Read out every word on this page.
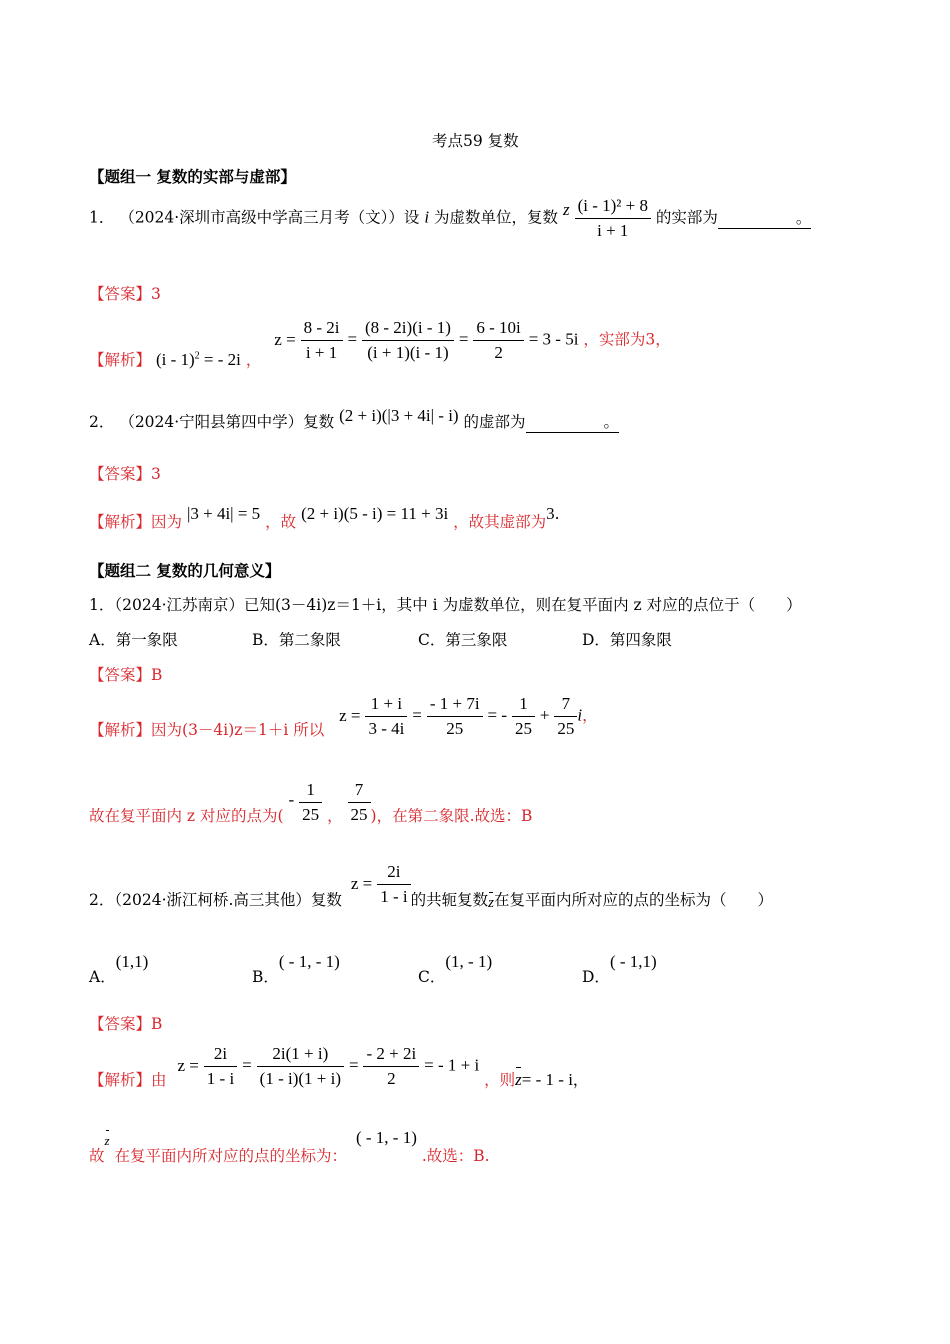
考点59 复数
【题组一 复数的实部与虚部】
1． （2024·深圳市高级中学高三月考（文））设 i 为虚数单位，复数 z $\frac{\text{(i - 1)² + 8}}{i + 1}$ 的实部为	。
【答案】3
【解析】 (i - 1)$^2$ = - 2i ， $z = \frac{8 - 2i}{i + 1} = \frac{(8 - 2i)(i - 1)}{(i + 1)(i - 1)} = \frac{6 - 10i}{2} = 3 - 5i$ ，实部为3，
2． （2024·宁阳县第四中学）复数 (2 + i)(|3 + 4i| - i) 的虚部为	。
【答案】3
【解析】因为 |3 + 4i| = 5 ，故 (2 + i)(5 - i) = 11 + 3i ，故其虚部为3.
【题组二 复数的几何意义】
1．（2024·江苏南京）已知(3－4i)z＝1＋i，其中 i 为虚数单位，则在复平面内 z 对应的点位于（　　）
A．第一象限	B．第二象限	C．第三象限	D．第四象限
【答案】B
【解析】因为(3－4i)z＝1＋i 所以 $z = \frac{1 + i}{3 - 4i} = \frac{- 1 + 7i}{25}$ = - $\frac{1}{25} + \frac{7}{25}$ i，
故在复平面内 z 对应的点为( - $\frac{1}{25}$ ， $\frac{7}{25}$ )，在第二象限.故选：B
2．（2024·浙江柯桥.高三其他）复数 $z = \frac{2i}{1 - i}$ 的共轭复数z在复平面内所对应的点的坐标为（　　）
A．(1,1)
B．( - 1, - 1)
C．(1, - 1)
D．( - 1,1)
【答案】B
【解析】由 $z = \frac{2i}{1 - i} = \frac{2i(1 + i)}{(1 - i)(1 + i)} = \frac{- 2 + 2i}{2}$ = - 1 + i ，则z= - 1 - i，
故z 在复平面内所对应的点的坐标为： ( - 1, - 1) .故选：B.
